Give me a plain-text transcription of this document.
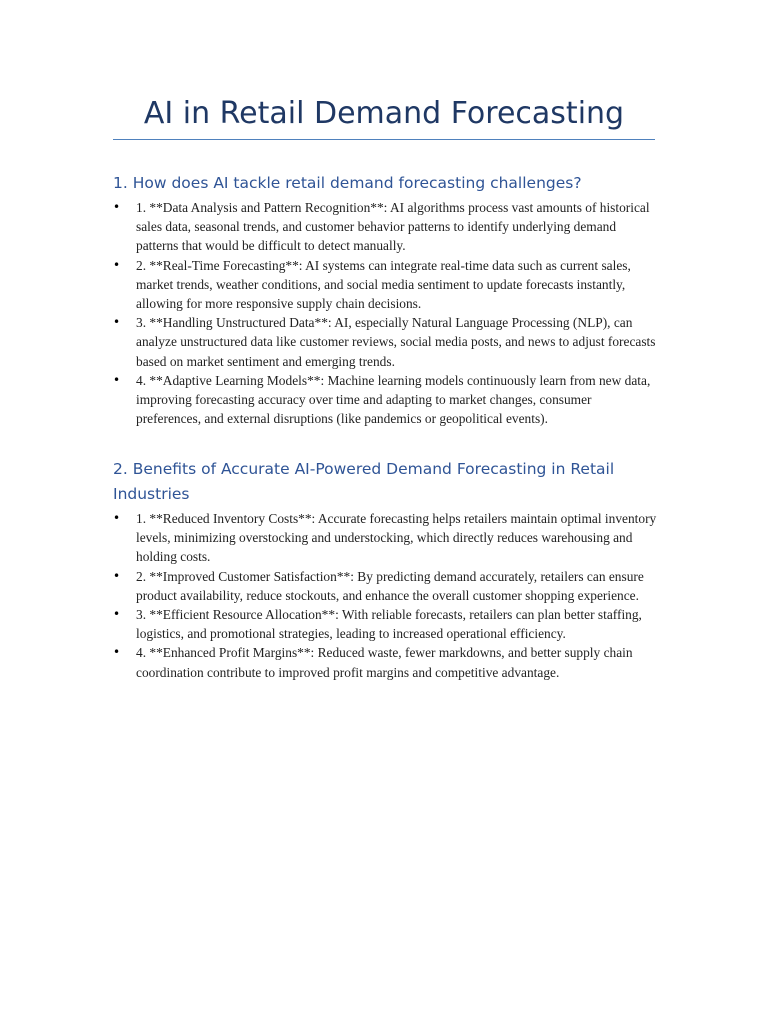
AI in Retail Demand Forecasting
1. How does AI tackle retail demand forecasting challenges?
• 1. **Data Analysis and Pattern Recognition**: AI algorithms process vast amounts of historical sales data, seasonal trends, and customer behavior patterns to identify underlying demand patterns that would be difficult to detect manually.
• 2. **Real-Time Forecasting**: AI systems can integrate real-time data such as current sales, market trends, weather conditions, and social media sentiment to update forecasts instantly, allowing for more responsive supply chain decisions.
• 3. **Handling Unstructured Data**: AI, especially Natural Language Processing (NLP), can analyze unstructured data like customer reviews, social media posts, and news to adjust forecasts based on market sentiment and emerging trends.
• 4. **Adaptive Learning Models**: Machine learning models continuously learn from new data, improving forecasting accuracy over time and adapting to market changes, consumer preferences, and external disruptions (like pandemics or geopolitical events).
2. Benefits of Accurate AI-Powered Demand Forecasting in Retail Industries
• 1. **Reduced Inventory Costs**: Accurate forecasting helps retailers maintain optimal inventory levels, minimizing overstocking and understocking, which directly reduces warehousing and holding costs.
• 2. **Improved Customer Satisfaction**: By predicting demand accurately, retailers can ensure product availability, reduce stockouts, and enhance the overall customer shopping experience.
• 3. **Efficient Resource Allocation**: With reliable forecasts, retailers can plan better staffing, logistics, and promotional strategies, leading to increased operational efficiency.
• 4. **Enhanced Profit Margins**: Reduced waste, fewer markdowns, and better supply chain coordination contribute to improved profit margins and competitive advantage.
